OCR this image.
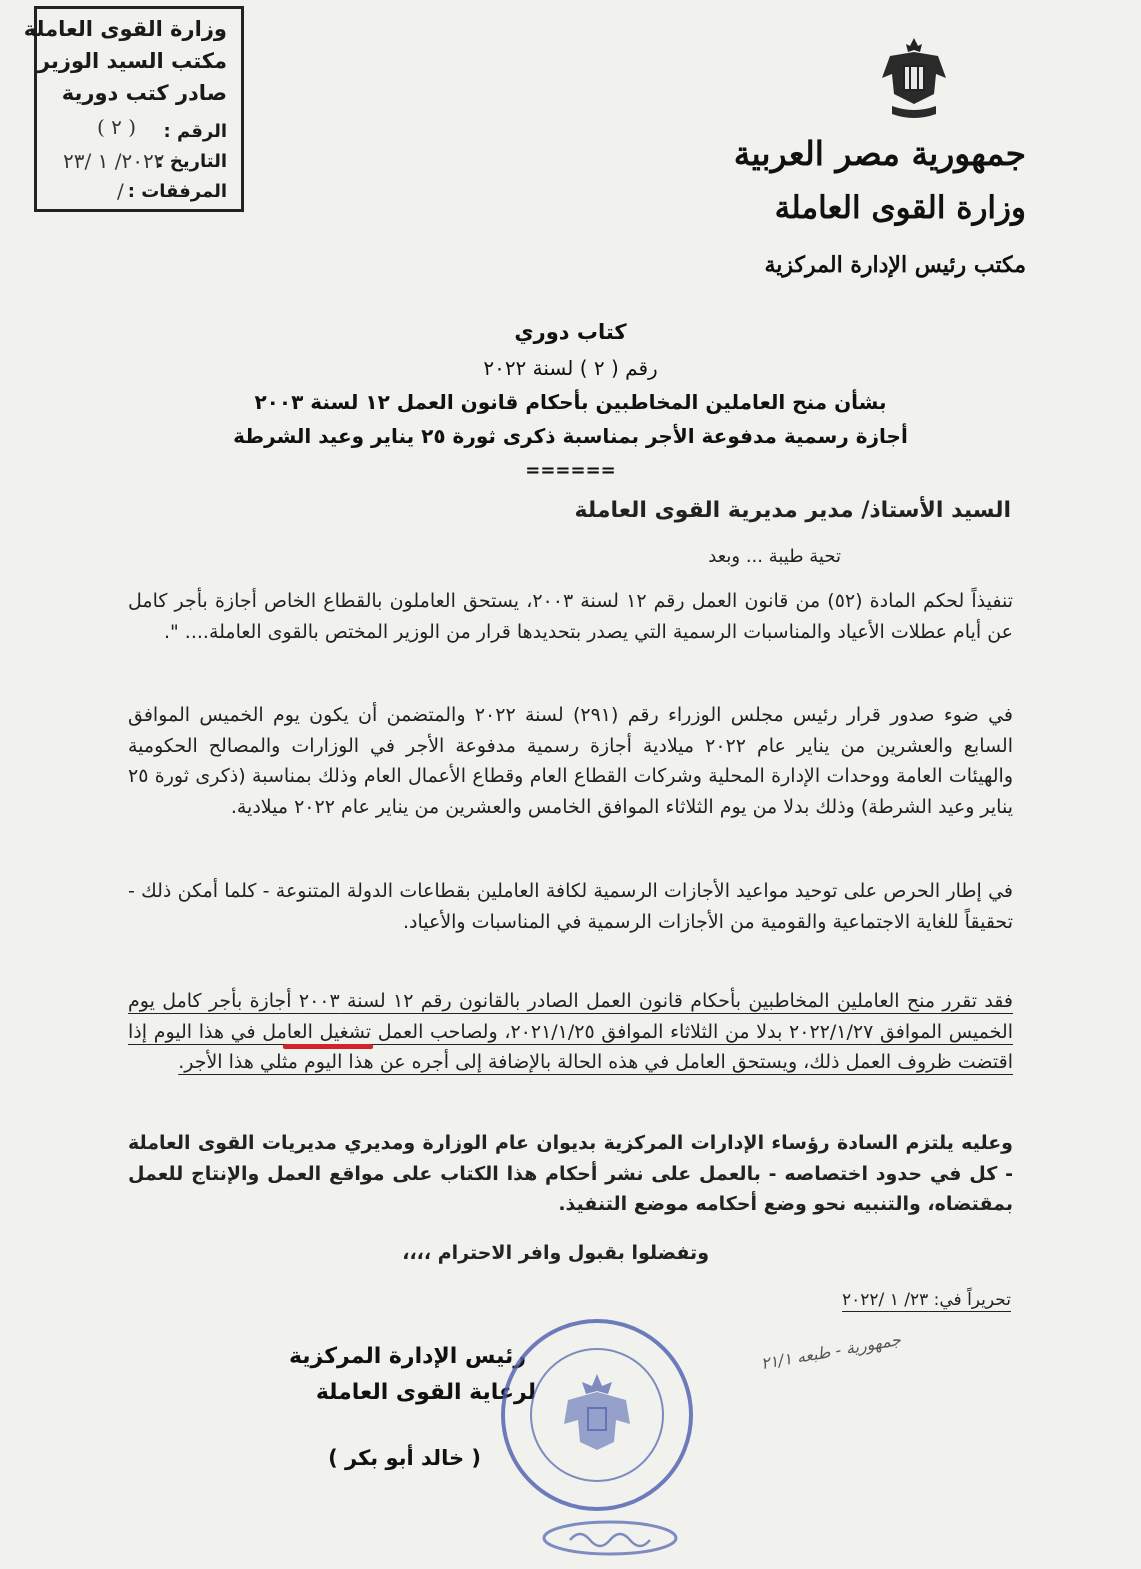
وزارة القوى العاملة
مكتب السيد الوزير
صادر كتب دورية
الرقم :
( ٢ )
التاريخ :
٢٠٢٢/ ١ /٢٣
المرفقات :
/
جمهورية مصر العربية
وزارة القوى العاملة
مكتب رئيس الإدارة المركزية
كتاب دوري
رقم ( ٢ ) لسنة ٢٠٢٢
بشأن منح العاملين المخاطبين بأحكام قانون العمل ١٢ لسنة ٢٠٠٣
أجازة رسمية مدفوعة الأجر بمناسبة ذكرى ثورة ٢٥ يناير وعيد الشرطة
======
السيد الأستاذ/ مدير مديرية القوى العاملة
تحية طيبة ... وبعد
تنفيذاً لحكم المادة (٥٢) من قانون العمل رقم ١٢ لسنة ٢٠٠٣، يستحق العاملون بالقطاع الخاص أجازة بأجر كامل عن أيام عطلات الأعياد والمناسبات الرسمية التي يصدر بتحديدها قرار من الوزير المختص بالقوى العاملة.... ".
في ضوء صدور قرار رئيس مجلس الوزراء رقم (٢٩١) لسنة ٢٠٢٢ والمتضمن أن يكون يوم الخميس الموافق السابع والعشرين من يناير عام ٢٠٢٢ ميلادية أجازة رسمية مدفوعة الأجر في الوزارات والمصالح الحكومية والهيئات العامة ووحدات الإدارة المحلية وشركات القطاع العام وقطاع الأعمال العام وذلك بمناسبة (ذكرى ثورة ٢٥ يناير وعيد الشرطة) وذلك بدلا من يوم الثلاثاء الموافق الخامس والعشرين من يناير عام ٢٠٢٢ ميلادية.
في إطار الحرص على توحيد مواعيد الأجازات الرسمية لكافة العاملين بقطاعات الدولة المتنوعة - كلما أمكن ذلك - تحقيقاً للغاية الاجتماعية والقومية من الأجازات الرسمية في المناسبات والأعياد.
فقد تقرر منح العاملين المخاطبين بأحكام قانون العمل الصادر بالقانون رقم ١٢ لسنة ٢٠٠٣ أجازة بأجر كامل يوم الخميس الموافق ٢٠٢٢/١/٢٧ بدلا من الثلاثاء الموافق ٢٠٢١/١/٢٥، ولصاحب العمل تشغيل العامل في هذا اليوم إذا اقتضت ظروف العمل ذلك، ويستحق العامل في هذه الحالة بالإضافة إلى أجره عن هذا اليوم مثلي هذا الأجر.
وعليه يلتزم السادة رؤساء الإدارات المركزية بديوان عام الوزارة ومديري مديريات القوى العاملة - كل في حدود اختصاصه - بالعمل على نشر أحكام هذا الكتاب على مواقع العمل والإنتاج للعمل بمقتضاه، والتنبيه نحو وضع أحكامه موضع التنفيذ.
وتفضلوا بقبول وافر الاحترام ،،،،
تحريراً في: ٢٣/ ١ /٢٠٢٢
رئيس الإدارة المركزية
لرعاية القوى العاملة
( خالد أبو بكر )
جمهورية - طبعه ٢١/١
